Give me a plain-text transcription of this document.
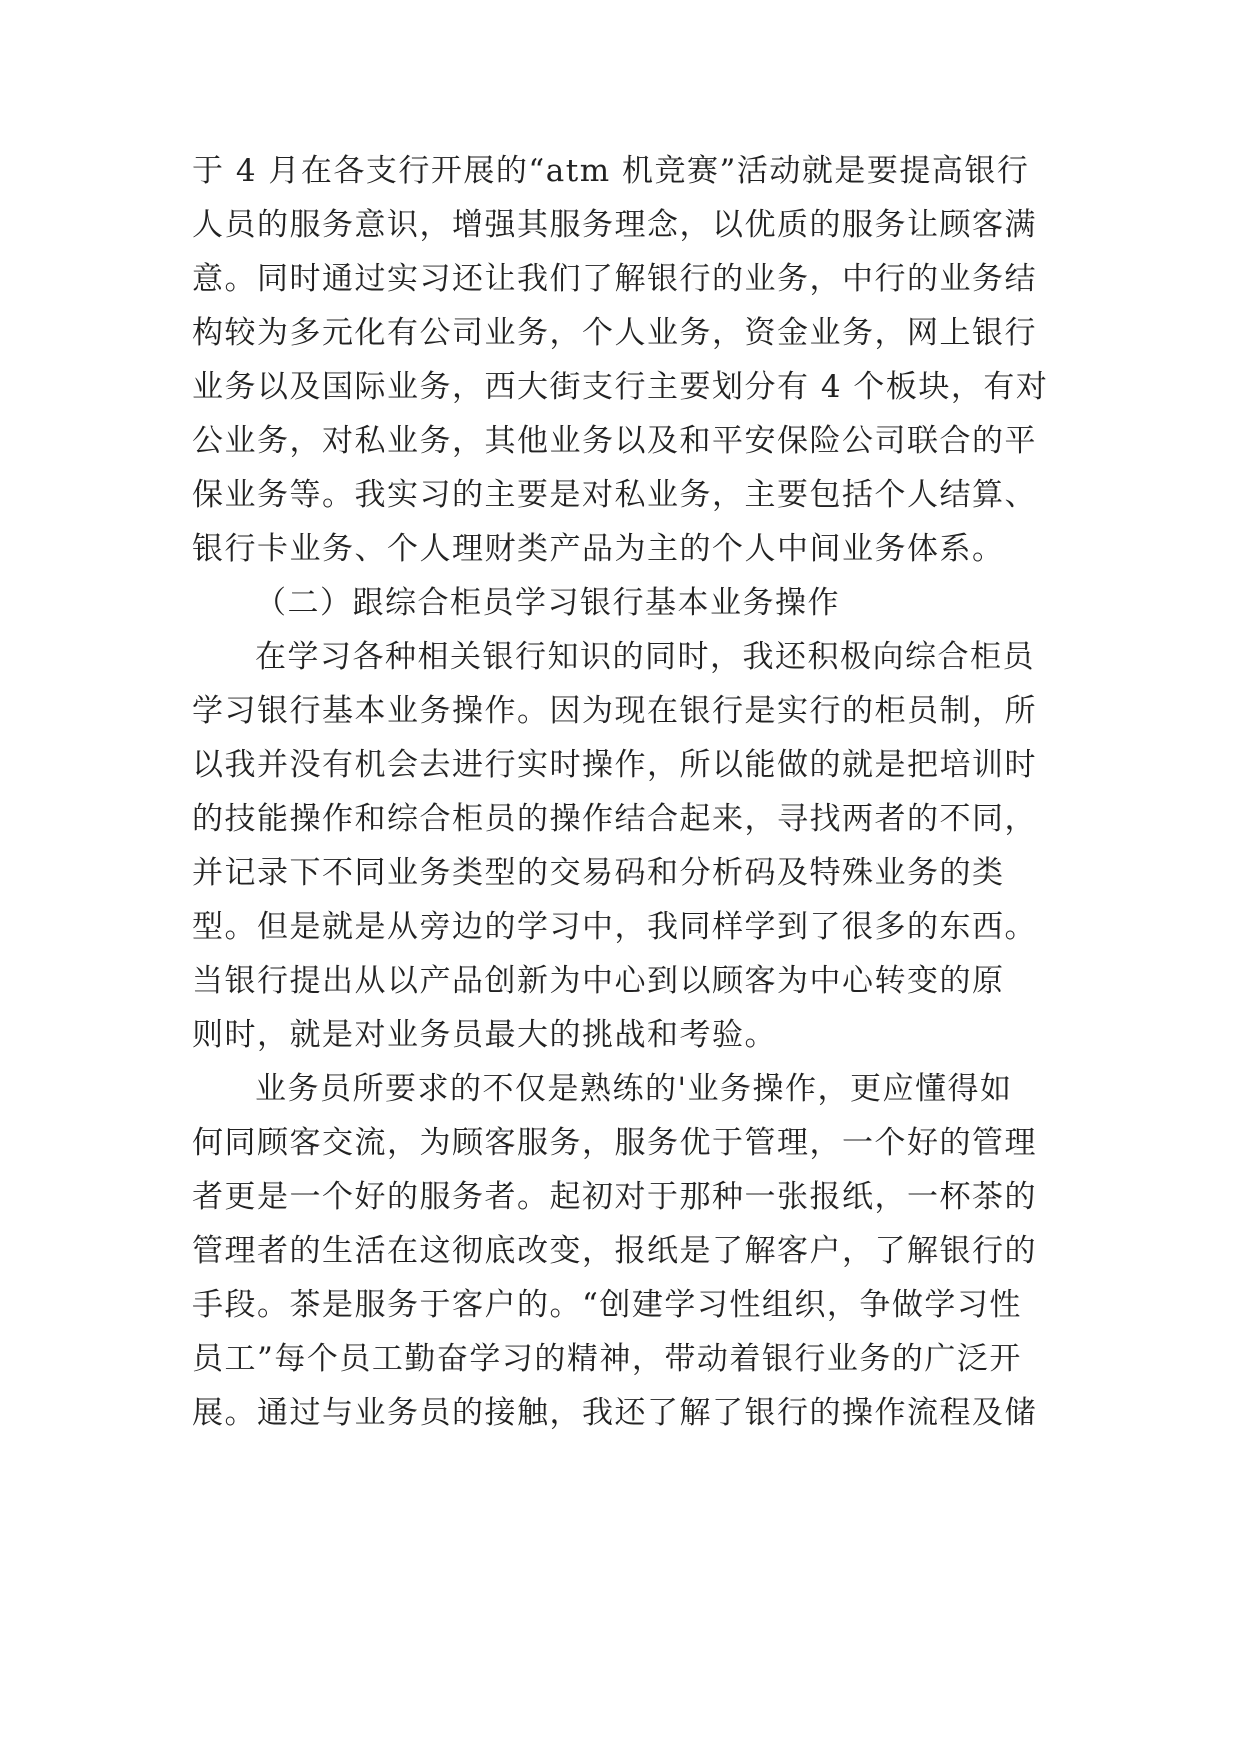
于 4 月在各支行开展的“atm 机竞赛”活动就是要提高银行
人员的服务意识，增强其服务理念，以优质的服务让顾客满
意。同时通过实习还让我们了解银行的业务，中行的业务结
构较为多元化有公司业务，个人业务，资金业务，网上银行
业务以及国际业务，西大街支行主要划分有 4 个板块，有对
公业务，对私业务，其他业务以及和平安保险公司联合的平
保业务等。我实习的主要是对私业务，主要包括个人结算、
银行卡业务、个人理财类产品为主的个人中间业务体系。
（二）跟综合柜员学习银行基本业务操作
在学习各种相关银行知识的同时，我还积极向综合柜员
学习银行基本业务操作。因为现在银行是实行的柜员制，所
以我并没有机会去进行实时操作，所以能做的就是把培训时
的技能操作和综合柜员的操作结合起来，寻找两者的不同，
并记录下不同业务类型的交易码和分析码及特殊业务的类
型。但是就是从旁边的学习中，我同样学到了很多的东西。
当银行提出从以产品创新为中心到以顾客为中心转变的原
则时，就是对业务员最大的挑战和考验。
业务员所要求的不仅是熟练的'业务操作，更应懂得如
何同顾客交流，为顾客服务，服务优于管理，一个好的管理
者更是一个好的服务者。起初对于那种一张报纸，一杯茶的
管理者的生活在这彻底改变，报纸是了解客户，了解银行的
手段。茶是服务于客户的。“创建学习性组织，争做学习性
员工”每个员工勤奋学习的精神，带动着银行业务的广泛开
展。通过与业务员的接触，我还了解了银行的操作流程及储
